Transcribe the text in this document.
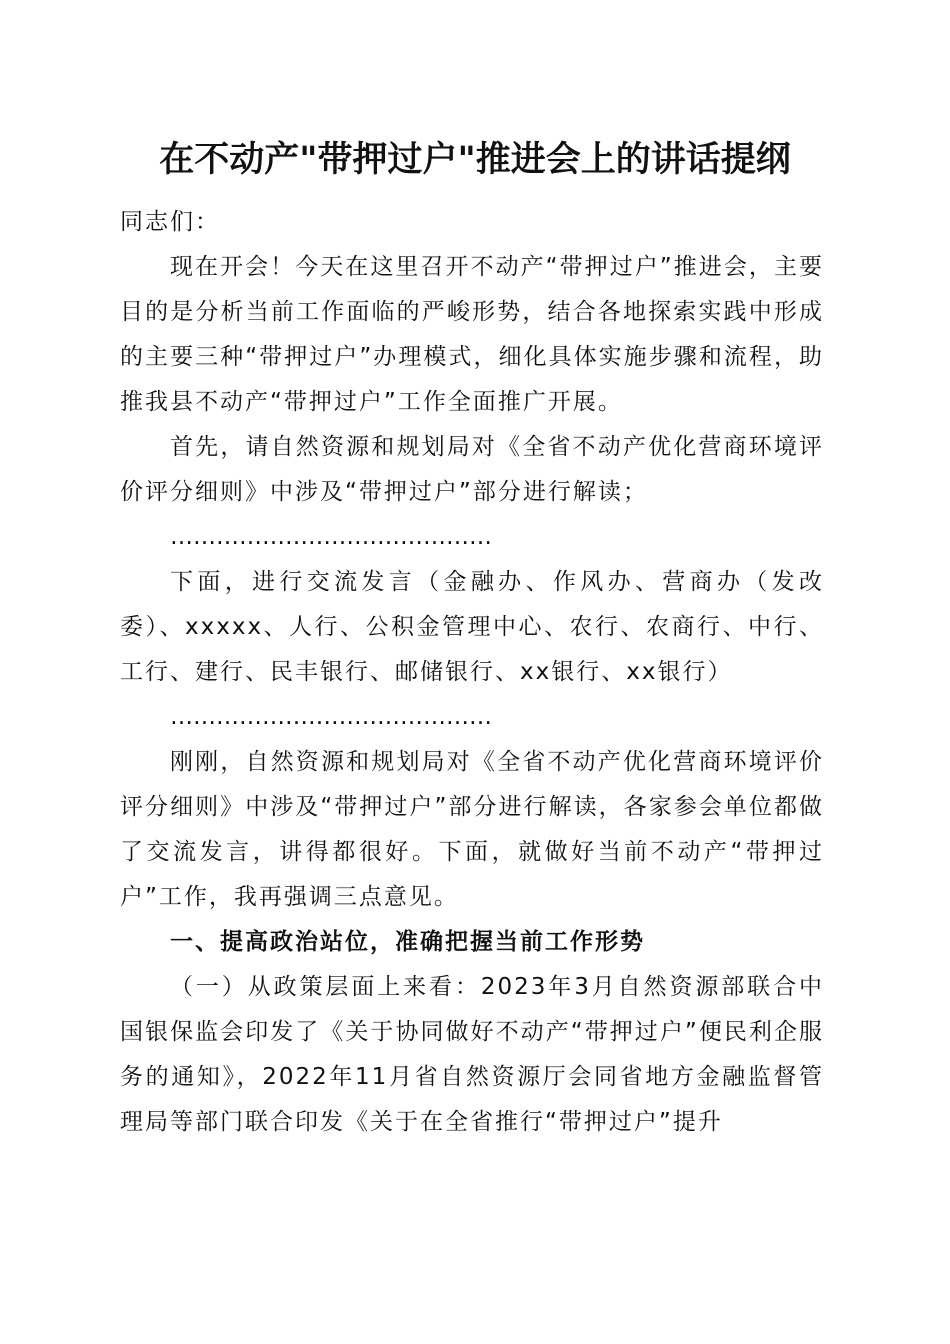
在不动产"带押过户"推进会上的讲话提纲

同志们：

现在开会！今天在这里召开不动产“带押过户”推进会，主要目的是分析当前工作面临的严峻形势，结合各地探索实践中形成的主要三种“带押过户”办理模式，细化具体实施步骤和流程，助推我县不动产“带押过户”工作全面推广开展。

首先，请自然资源和规划局对《全省不动产优化营商环境评价评分细则》中涉及“带押过户”部分进行解读；

……………………………………

下面，进行交流发言（金融办、作风办、营商办（发改委）、xxxxx、人行、公积金管理中心、农行、农商行、中行、工行、建行、民丰银行、邮储银行、xx银行、xx银行）

……………………………………

刚刚，自然资源和规划局对《全省不动产优化营商环境评价评分细则》中涉及“带押过户”部分进行解读，各家参会单位都做了交流发言，讲得都很好。下面，就做好当前不动产“带押过户”工作，我再强调三点意见。

一、提高政治站位，准确把握当前工作形势

（一）从政策层面上来看：2023年3月自然资源部联合中国银保监会印发了《关于协同做好不动产“带押过户”便民利企服务的通知》，2022年11月省自然资源厅会同省地方金融监督管理局等部门联合印发《关于在全省推行“带押过户”提升
